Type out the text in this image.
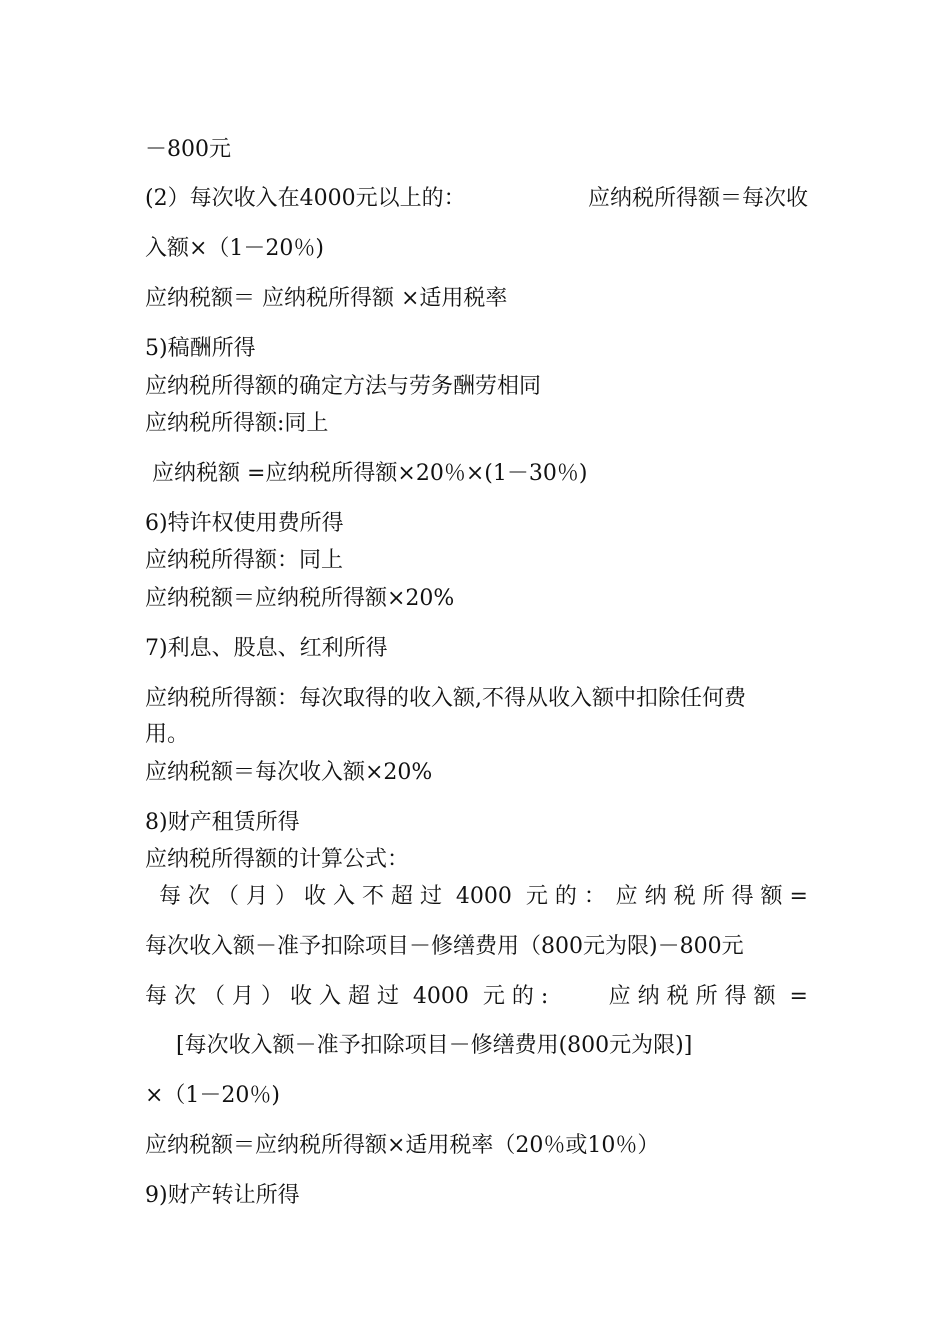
－800元

(2）每次收入在4000元以上的：	应纳税所得额＝每次收

入额×（1－20％)

应纳税额＝ 应纳税所得额 ×适用税率

5)稿酬所得

应纳税所得额的确定方法与劳务酬劳相同

应纳税所得额:同上

应纳税额 =应纳税所得额×20％×(1－30％)

6)特许权使用费所得

应纳税所得额：同上

应纳税额＝应纳税所得额×20%

7)利息、股息、红利所得

应纳税所得额：每次取得的收入额,不得从收入额中扣除任何费

用。

应纳税额＝每次收入额×20%

8)财产租赁所得

应纳税所得额的计算公式：

每 次 （ 月 ） 收 入 不 超 过  4000  元 的 ： 应 纳 税 所 得 额 =

每次收入额－准予扣除项目－修缮费用（800元为限)－800元

每 次 （ 月 ） 收 入 超 过  4000  元 的 :	应 纳 税 所 得 额  =

[每次收入额－准予扣除项目－修缮费用(800元为限)]

×（1－20％)

应纳税额＝应纳税所得额×适用税率（20％或10％）

9)财产转让所得
